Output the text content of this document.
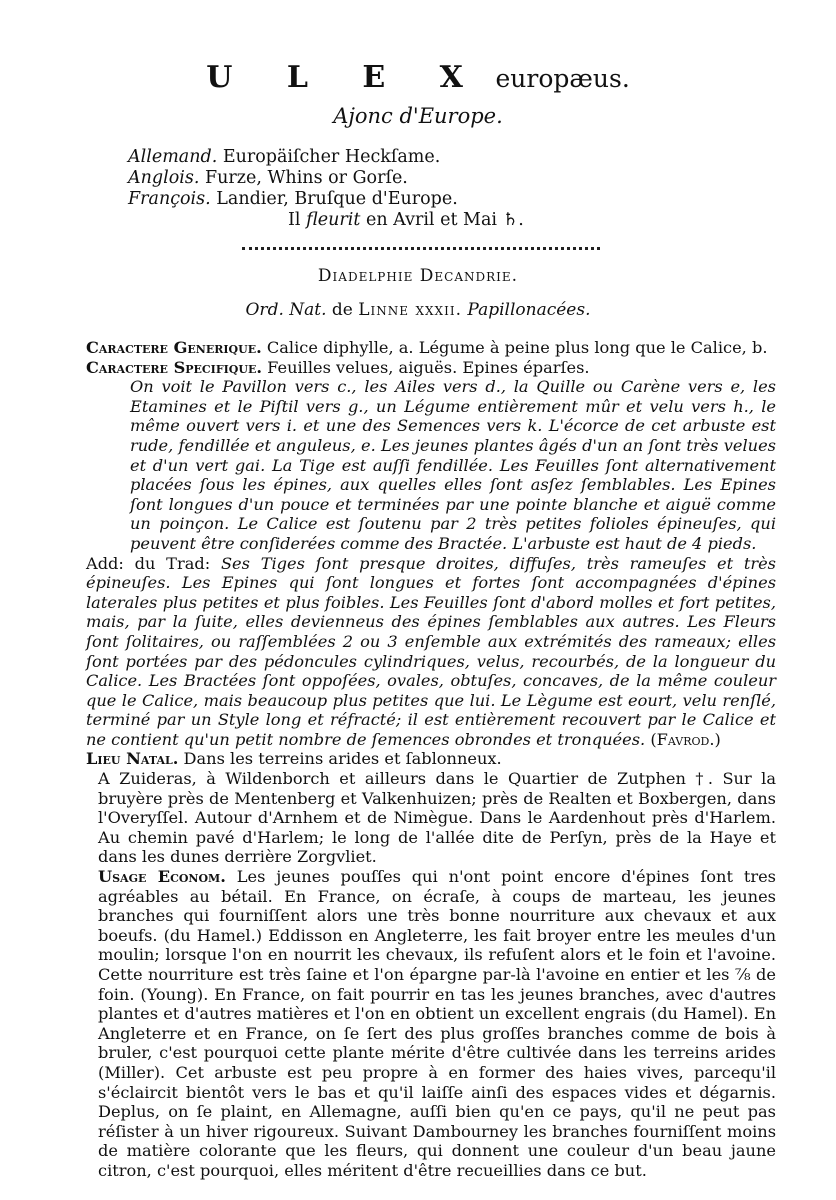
U L E X europæus.
Ajonc d'Europe.
Allemand. Europäiſcher Heckſame.
Anglois. Furze, Whins or Gorſe.
François. Landier, Bruſque d'Europe.
Il fleurit en Avril et Mai ♄.
Diadelphie Decandrie.
Ord. Nat. de Linne xxxii. Papillonacées.

Caractere Generique. Calice diphylle, a. Légume à peine plus long que le Calice, b.

Caractere Specifique. Feuilles velues, aiguës. Epines éparſes.

On voit le Pavillon vers c., les Ailes vers d., la Quille ou Carène vers e, les Etamines et le Piſtil vers g., un Légume entièrement mûr et velu vers h., le même ouvert vers i. et une des Semences vers k. L'écorce de cet arbuste est rude, fendillée et anguleus, e. Les jeunes plantes âgés d'un an ſont très velues et d'un vert gai. La Tige est auſſi fendillée. Les Feuilles ſont alternativement placées ſous les épines, aux quelles elles ſont asſez ſemblables. Les Epines ſont longues d'un pouce et terminées par une pointe blanche et aiguë comme un poinçon. Le Calice est ſoutenu par 2 très petites folioles épineuſes, qui peuvent être conſiderées comme des Bractée. L'arbuste est haut de 4 pieds.

Add: du Trad: Ses Tiges ſont presque droites, diffuſes, très rameuſes et très épineuſes. Les Epines qui ſont longues et fortes ſont accompagnées d'épines laterales plus petites et plus foibles. Les Feuilles ſont d'abord molles et fort petites, mais, par la ſuite, elles devienneus des épines ſemblables aux autres. Les Fleurs ſont ſolitaires, ou raſſemblées 2 ou 3 enſemble aux extrémités des rameaux; elles ſont portées par des pédoncules cylindriques, velus, recourbés, de la longueur du Calice. Les Bractées ſont oppoſées, ovales, obtuſes, concaves, de la même couleur que le Calice, mais beaucoup plus petites que lui. Le Lègume est eourt, velu renſlé, terminé par un Style long et réfracté; il est entièrement recouvert par le Calice et ne contient qu'un petit nombre de ſemences obrondes et tronquées. (Favrod.)

Lieu Natal. Dans les terreins arides et ſablonneux.

A Zuideras, à Wildenborch et ailleurs dans le Quartier de Zutphen †. Sur la bruyère près de Mentenberg et Valkenhuizen; près de Realten et Boxbergen, dans l'Overyſſel. Autour d'Arnhem et de Nimègue. Dans le Aardenhout près d'Harlem. Au chemin pavé d'Harlem; le long de l'allée dite de Perſyn, près de la Haye et dans les dunes derrière Zorgvliet.

Usage Econom. Les jeunes pouſſes qui n'ont point encore d'épines ſont tres agréables au bétail. En France, on écraſe, à coups de marteau, les jeunes branches qui fourniſſent alors une très bonne nourriture aux chevaux et aux boeufs. (du Hamel.) Eddisson en Angleterre, les fait broyer entre les meules d'un moulin; lorsque l'on en nourrit les chevaux, ils refuſent alors et le foin et l'avoine. Cette nourriture est très ſaine et l'on épargne par-là l'avoine en entier et les ⅞ de foin. (Young). En France, on fait pourrir en tas les jeunes branches, avec d'autres plantes et d'autres matières et l'on en obtient un excellent engrais (du Hamel). En Angleterre et en France, on ſe ſert des plus groſſes branches comme de bois à bruler, c'est pourquoi cette plante mérite d'être cultivée dans les terreins arides (Miller). Cet arbuste est peu propre à en former des haies vives, parcequ'il s'éclaircit bientôt vers le bas et qu'il laiſſe ainſi des espaces vides et dégarnis. Deplus, on ſe plaint, en Allemagne, auſſi bien qu'en ce pays, qu'il ne peut pas réſister à un hiver rigoureux. Suivant Dambourney les branches fourniſſent moins de matière colorante que les fleurs, qui donnent une couleur d'un beau jaune citron, c'est pourquoi, elles méritent d'être recueillies dans ce but.
